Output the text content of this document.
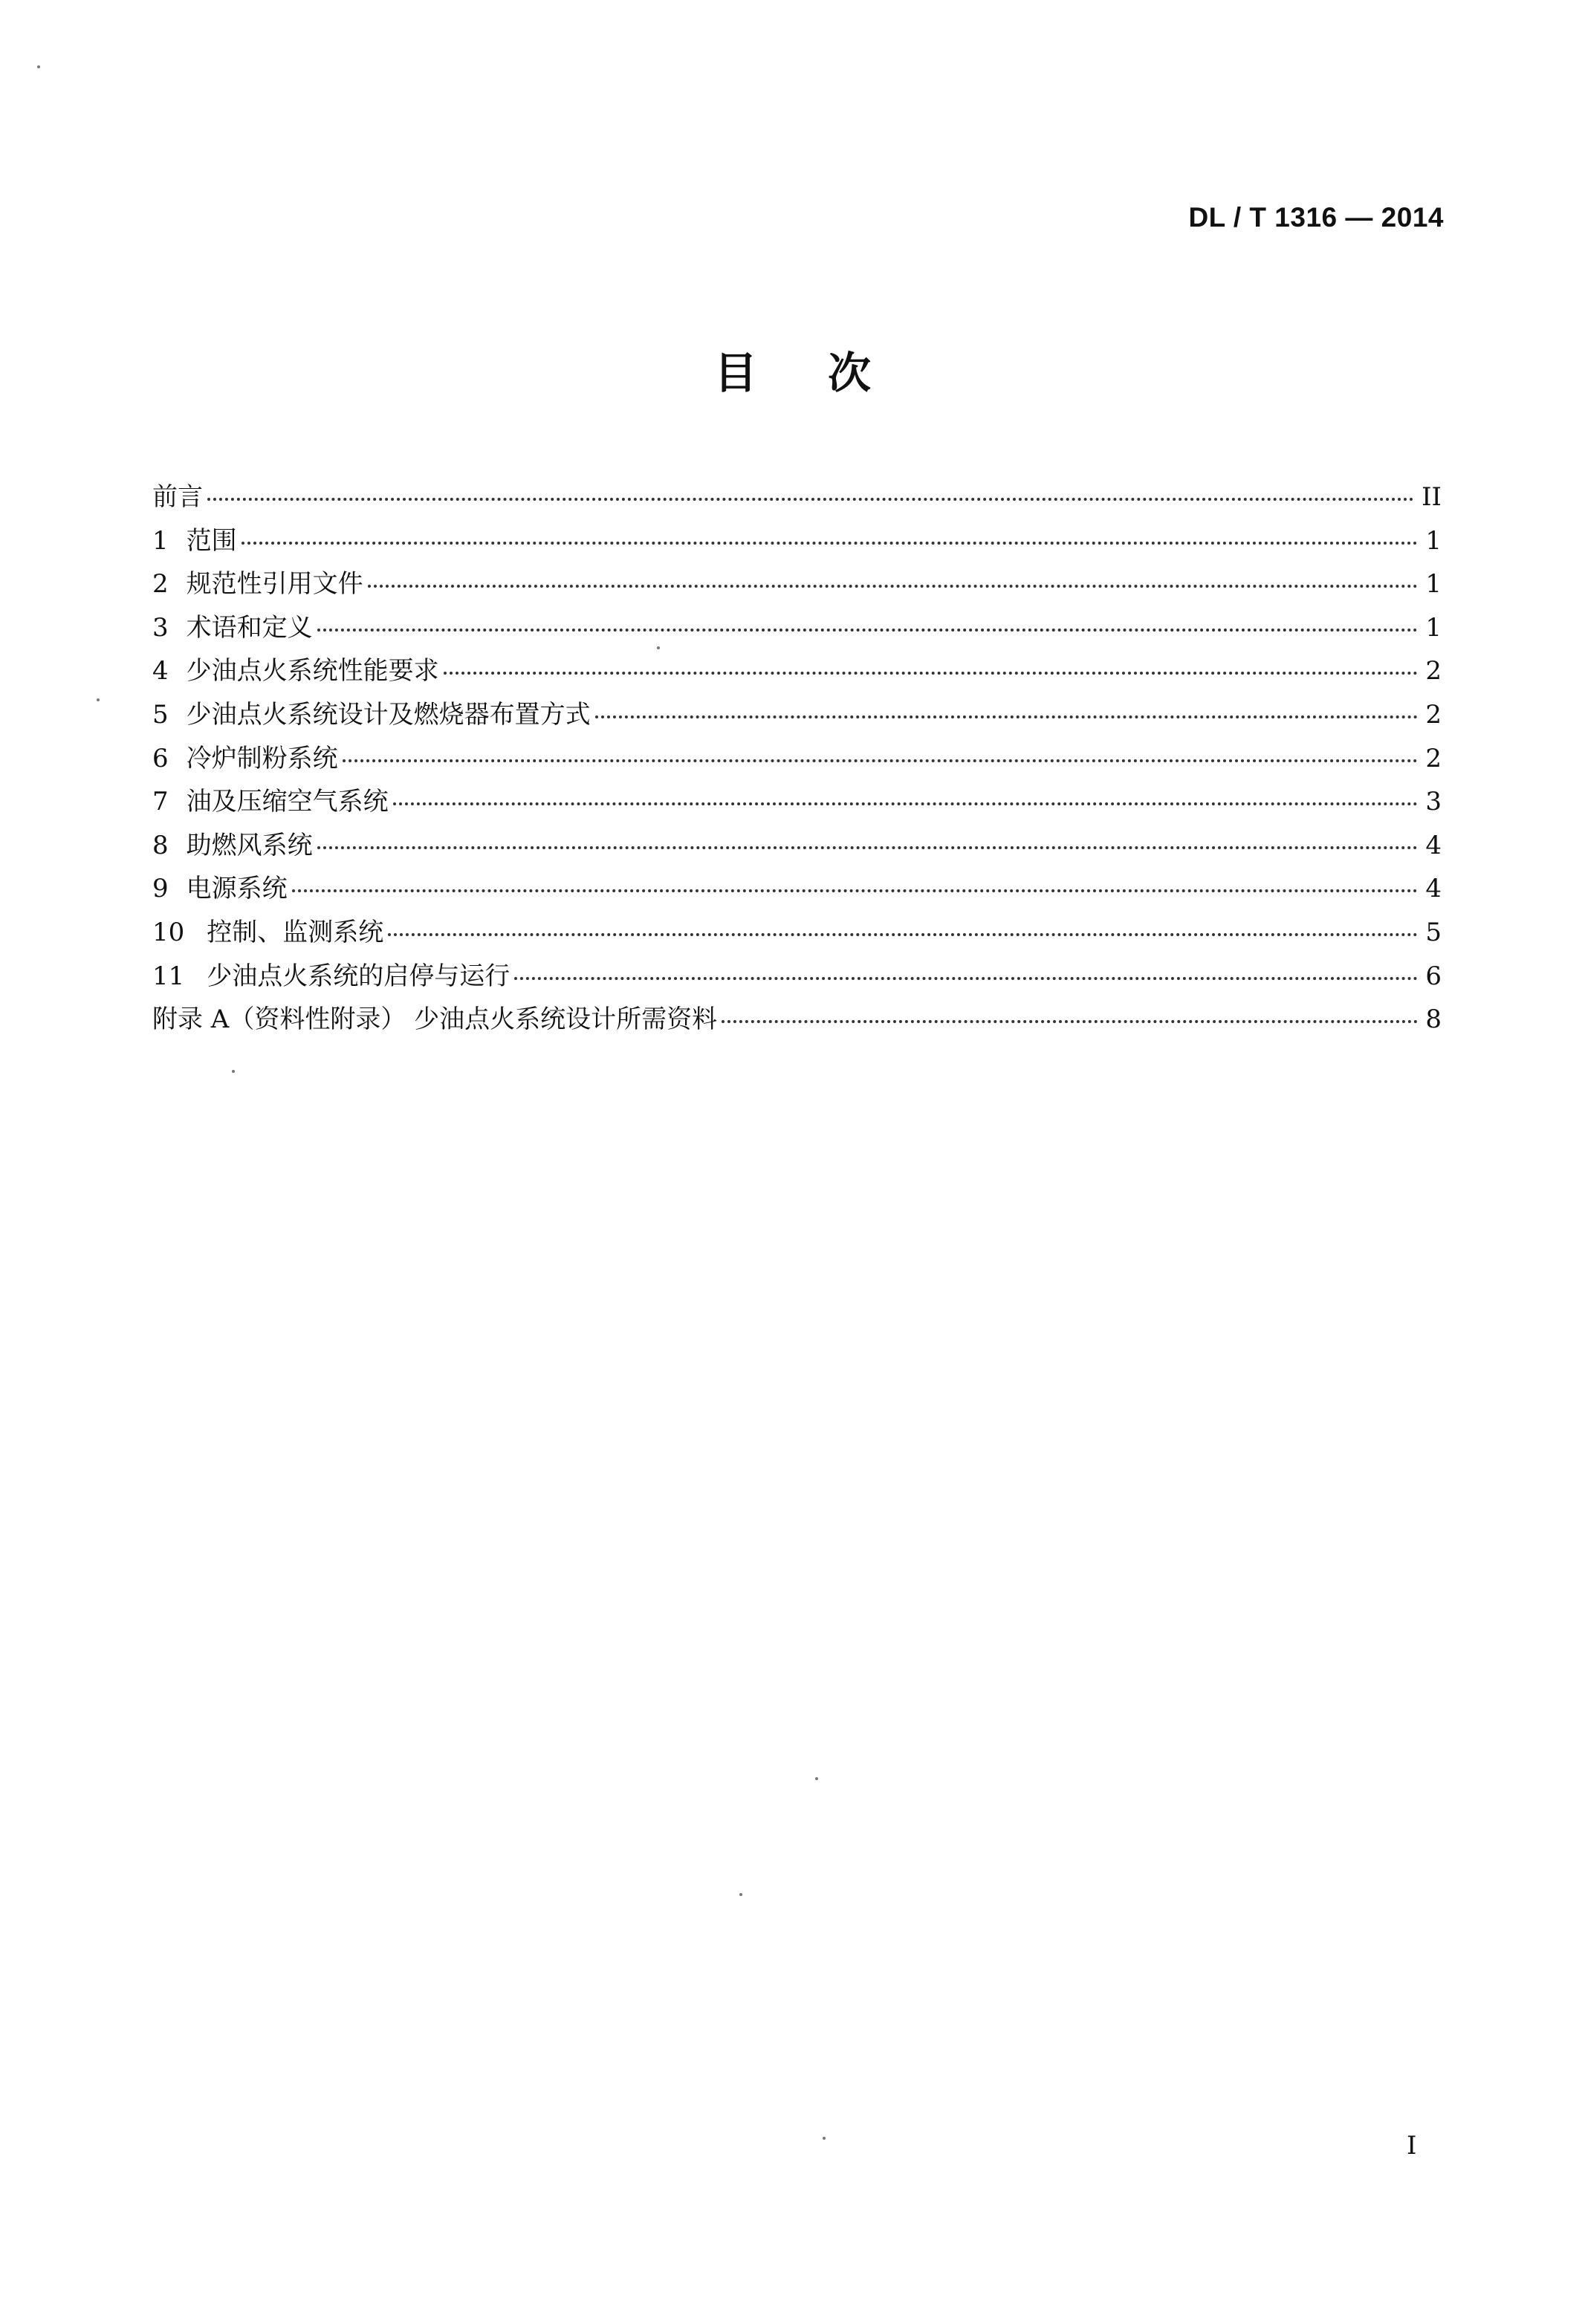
DL / T 1316 — 2014
目次
前言	II
1 范围	1
2 规范性引用文件	1
3 术语和定义	1
4 少油点火系统性能要求	2
5 少油点火系统设计及燃烧器布置方式	2
6 冷炉制粉系统	2
7 油及压缩空气系统	3
8 助燃风系统	4
9 电源系统	4
10 控制、监测系统	5
11 少油点火系统的启停与运行	6
附录 A（资料性附录） 少油点火系统设计所需资料	8
I
